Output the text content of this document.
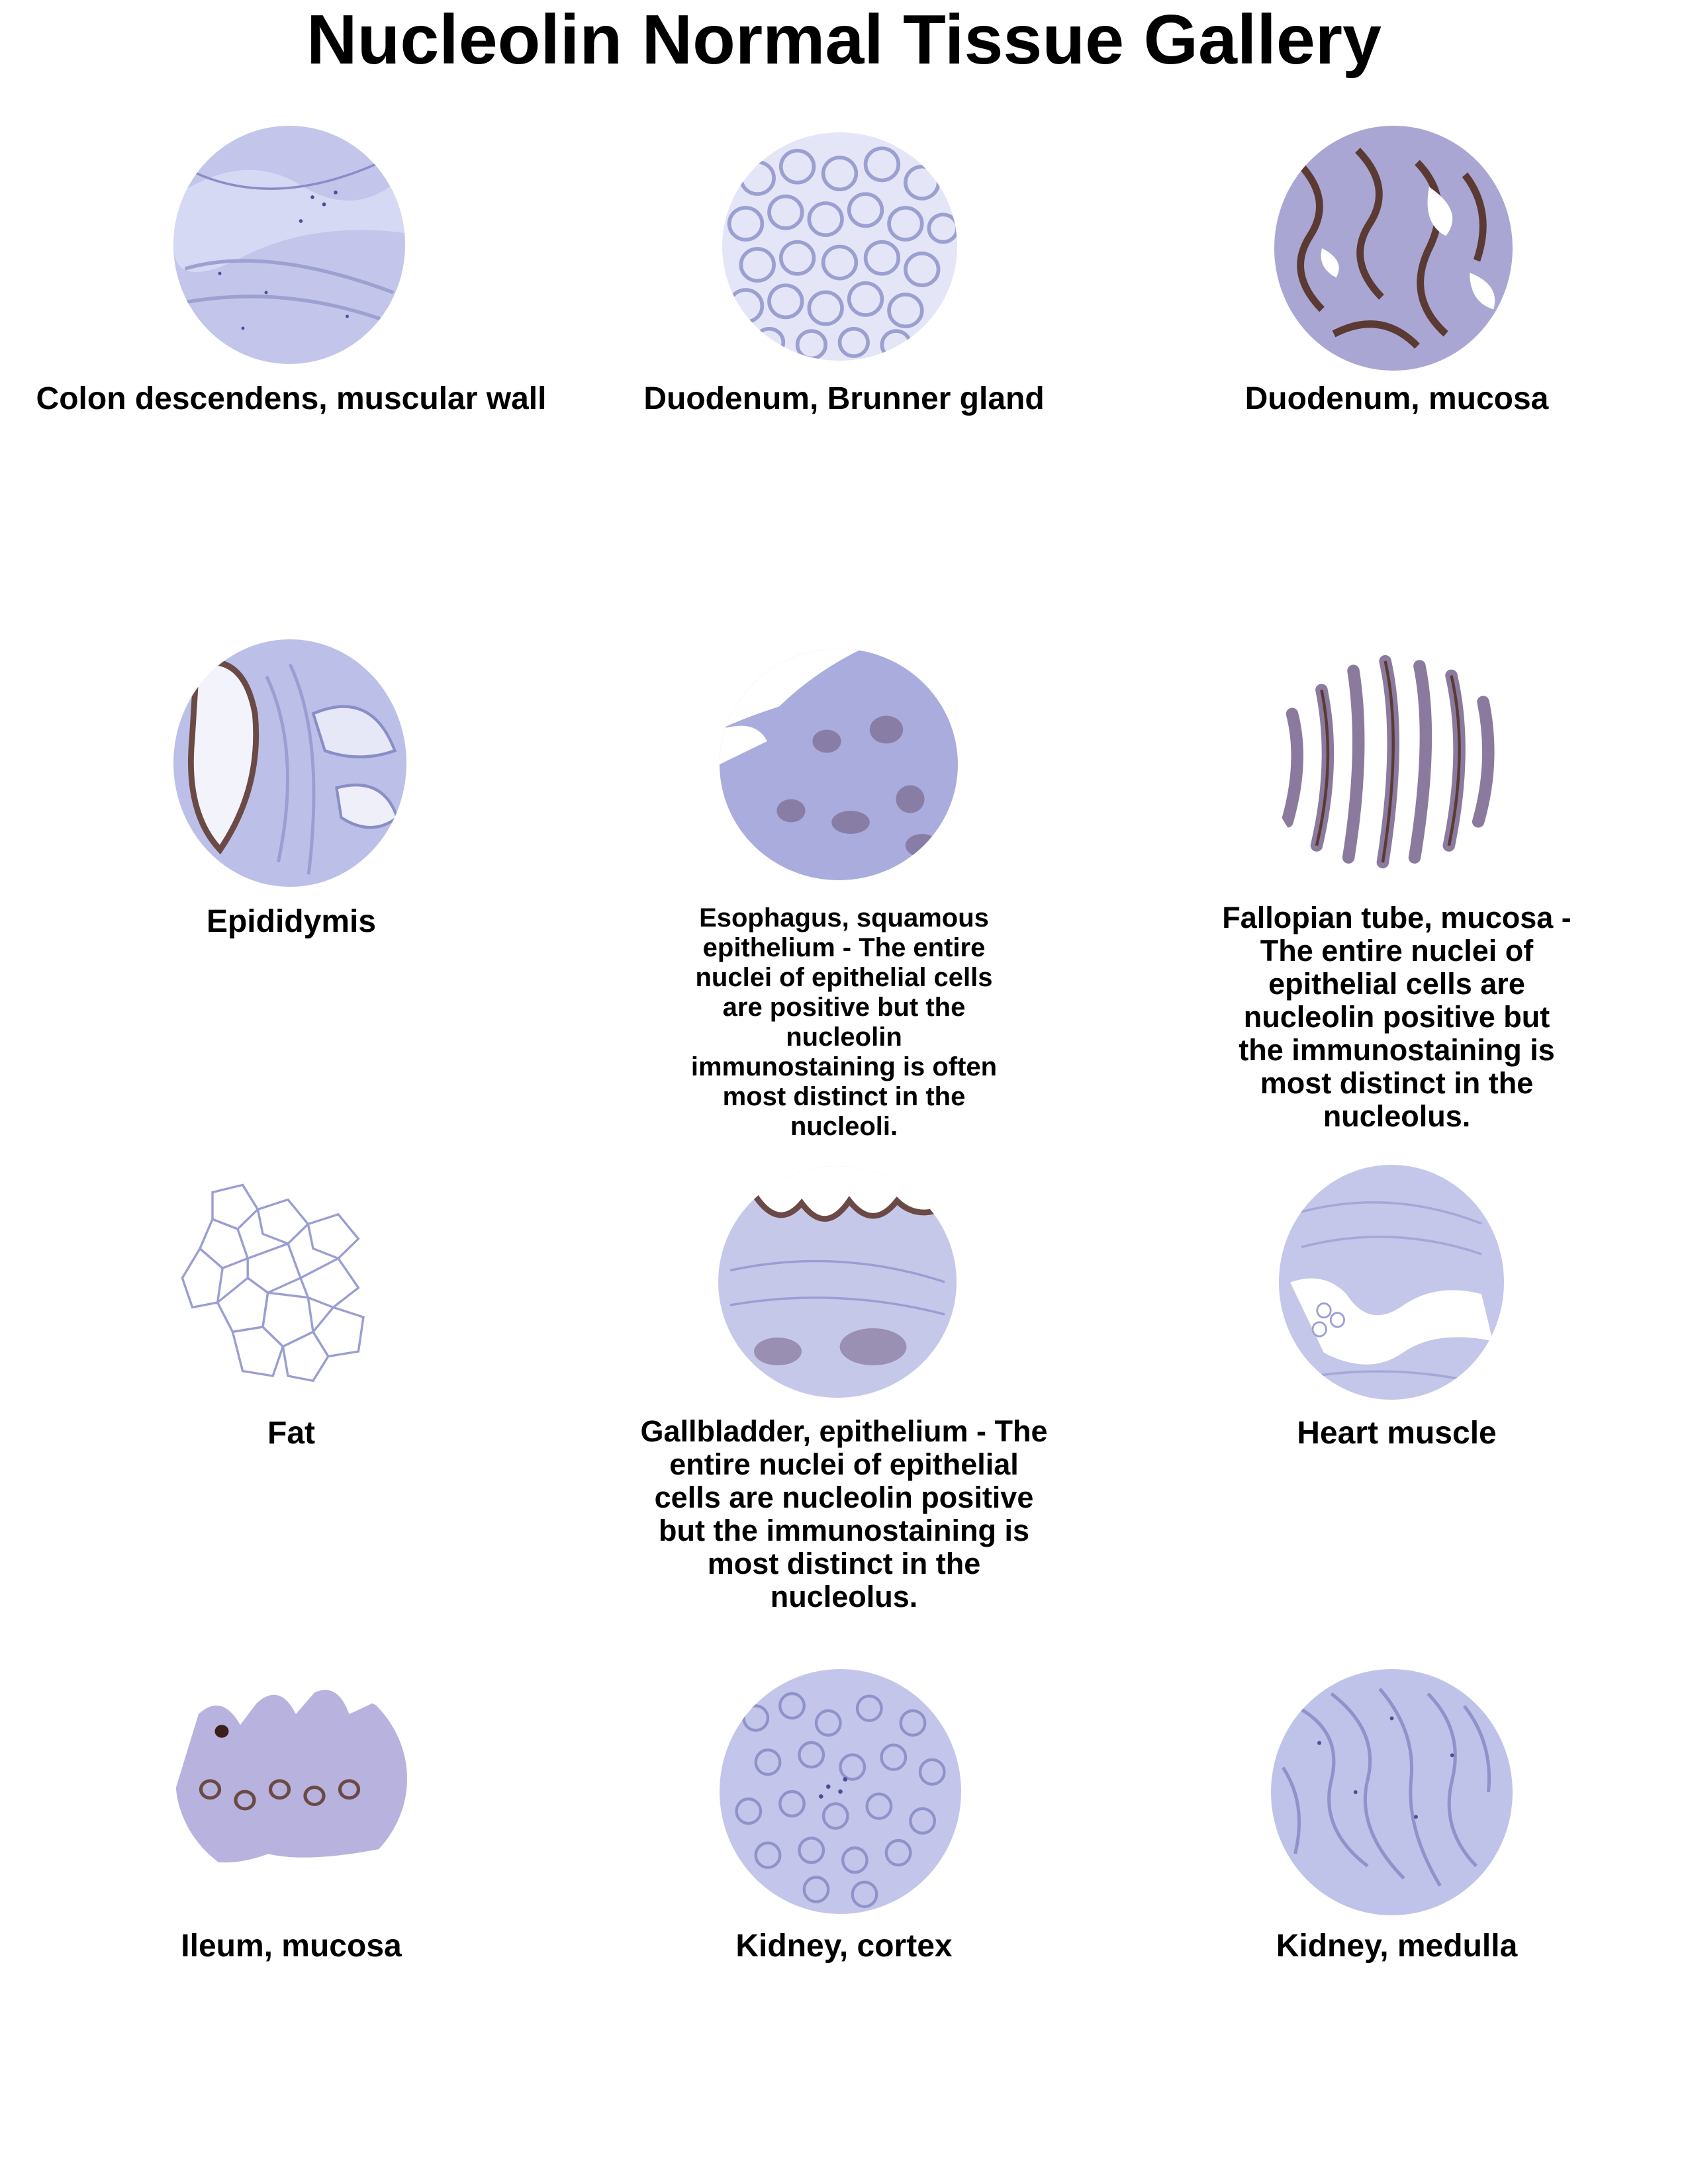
Nucleolin Normal Tissue Gallery
Colon descendens, muscular wall	Duodenum, Brunner gland	Duodenum, mucosa
Epididymis	Esophagus, squamous epithelium - The entire nuclei of epithelial cells are positive but the nucleolin immunostaining is often most distinct in the nucleoli.
Fallopian tube, mucosa - The entire nuclei of epithelial cells are nucleolin positive but the immunostaining is most distinct in the nucleolus.
Fat	Gallbladder, epithelium - The entire nuclei of epithelial cells are nucleolin positive but the immunostaining is most distinct in the nucleolus.
Heart muscle
Ileum, mucosa	Kidney, cortex	Kidney, medulla
